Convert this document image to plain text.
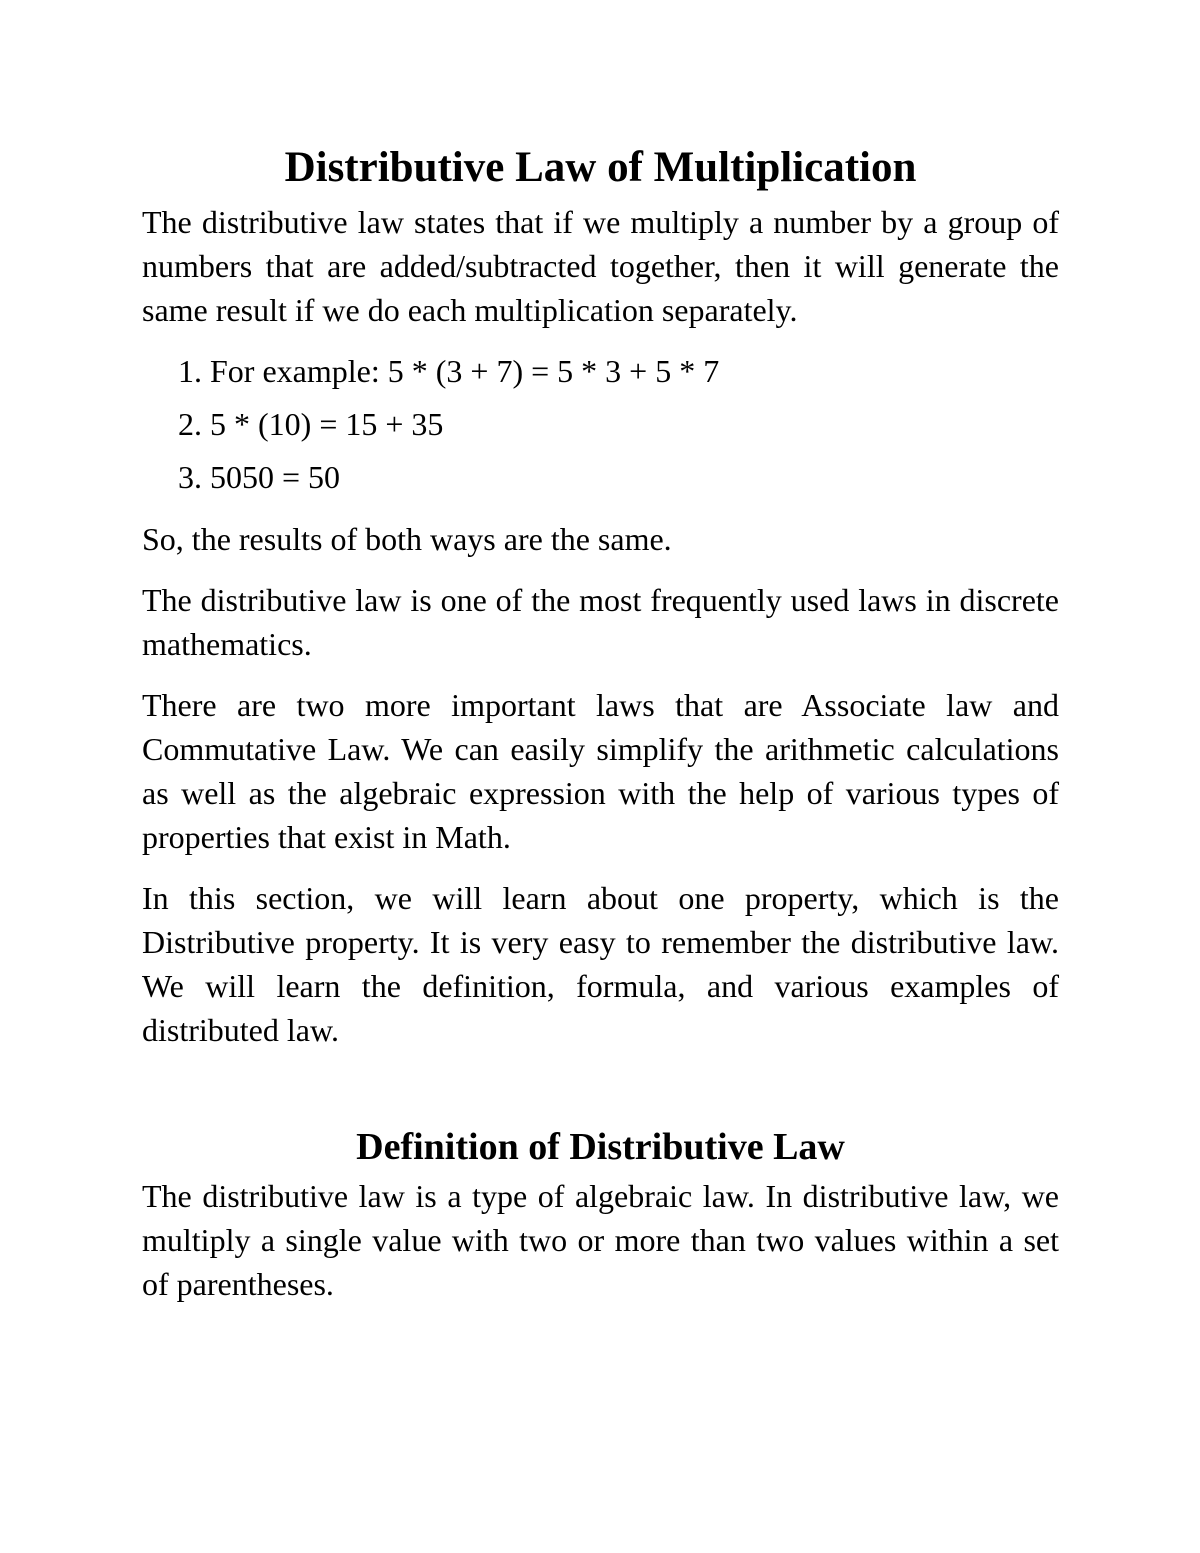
Distributive Law of Multiplication

The distributive law states that if we multiply a number by a group of numbers that are added/subtracted together, then it will generate the same result if we do each multiplication separately.

1. For example: 5 * (3 + 7) = 5 * 3 + 5 * 7
2. 5 * (10) = 15 + 35
3. 5050 = 50

So, the results of both ways are the same.

The distributive law is one of the most frequently used laws in discrete mathematics.

There are two more important laws that are Associate law and Commutative Law. We can easily simplify the arithmetic calculations as well as the algebraic expression with the help of various types of properties that exist in Math.

In this section, we will learn about one property, which is the Distributive property. It is very easy to remember the distributive law. We will learn the definition, formula, and various examples of distributed law.

Definition of Distributive Law

The distributive law is a type of algebraic law. In distributive law, we multiply a single value with two or more than two values within a set of parentheses.
